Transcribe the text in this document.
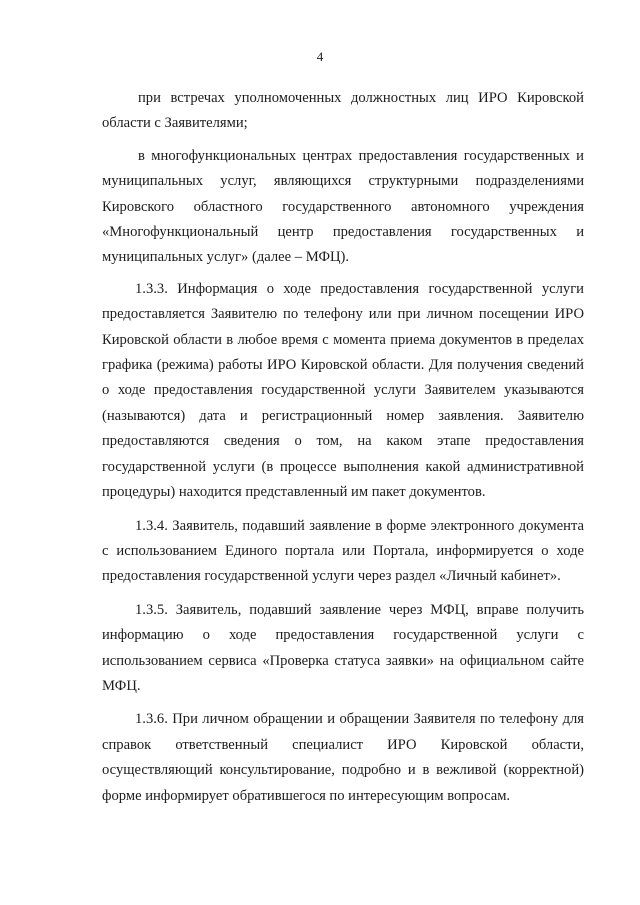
4

при встречах уполномоченных должностных лиц ИРО Кировской области с Заявителями;

в многофункциональных центрах предоставления государственных и муниципальных услуг, являющихся структурными подразделениями Кировского областного государственного автономного учреждения «Многофункциональный центр предоставления государственных и муниципальных услуг» (далее – МФЦ).

1.3.3. Информация о ходе предоставления государственной услуги предоставляется Заявителю по телефону или при личном посещении ИРО Кировской области в любое время с момента приема документов в пределах графика (режима) работы ИРО Кировской области. Для получения сведений о ходе предоставления государственной услуги Заявителем указываются (называются) дата и регистрационный номер заявления. Заявителю предоставляются сведения о том, на каком этапе предоставления государственной услуги (в процессе выполнения какой административной процедуры) находится представленный им пакет документов.

1.3.4. Заявитель, подавший заявление в форме электронного документа с использованием Единого портала или Портала, информируется о ходе предоставления государственной услуги через раздел «Личный кабинет».

1.3.5. Заявитель, подавший заявление через МФЦ, вправе получить информацию о ходе предоставления государственной услуги с использованием сервиса «Проверка статуса заявки» на официальном сайте МФЦ.

1.3.6. При личном обращении и обращении Заявителя по телефону для справок ответственный специалист ИРО Кировской области, осуществляющий консультирование, подробно и в вежливой (корректной) форме информирует обратившегося по интересующим вопросам.
